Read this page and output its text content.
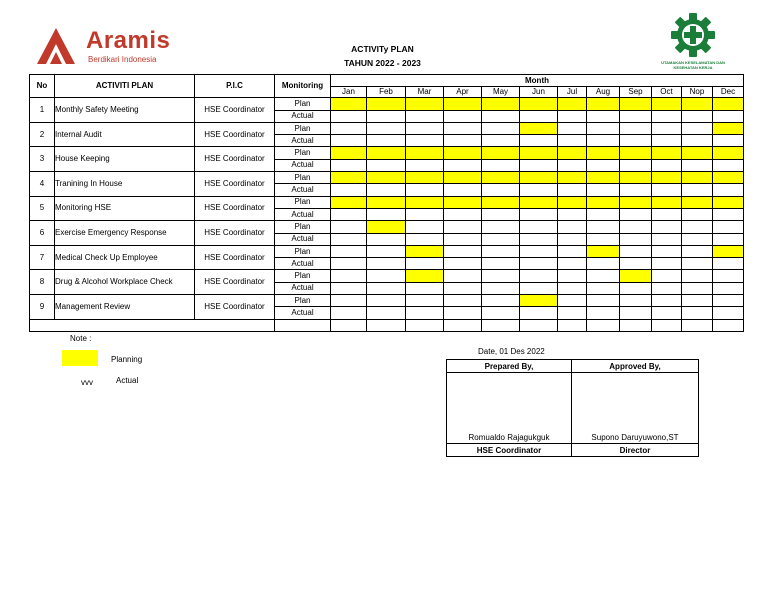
Aramis
Berdikari Indonesia
ACTIVITy PLAN
TAHUN 2022 - 2023	UTAMAKAN KESELAMATAN DAN KESEHATAN KERJA
No	ACTIVITI PLAN	P.I.C	Monitoring	Month											
				Jan	Feb	Mar	Apr	May	Jun	Jul	Aug	Sep	Oct	Nop	Dec
1	Monthly Safety Meeting	HSE Coordinator	Plan												
			Actual												
2	Internal Audit	HSE Coordinator	Plan												
			Actual												
3	House Keeping	HSE Coordinator	Plan												
			Actual												
4	Tranining In House	HSE Coordinator	Plan												
			Actual												
5	Monitoring HSE	HSE Coordinator	Plan												
			Actual												
6	Exercise Emergency Response	HSE Coordinator	Plan												
			Actual												
7	Medical Check Up Employee	HSE Coordinator	Plan												
			Actual												
8	Drug & Alcohol Workplace Check	HSE Coordinator	Plan												
			Actual												
9	Management Review	HSE Coordinator	Plan												
			Actual												

Note :
Planning
vvv	Actual
Date, 01 Des 2022
Prepared By,	Approved By,
Romualdo Rajagukguk	Supono Daruyuwono,ST
HSE Coordinator	Director
